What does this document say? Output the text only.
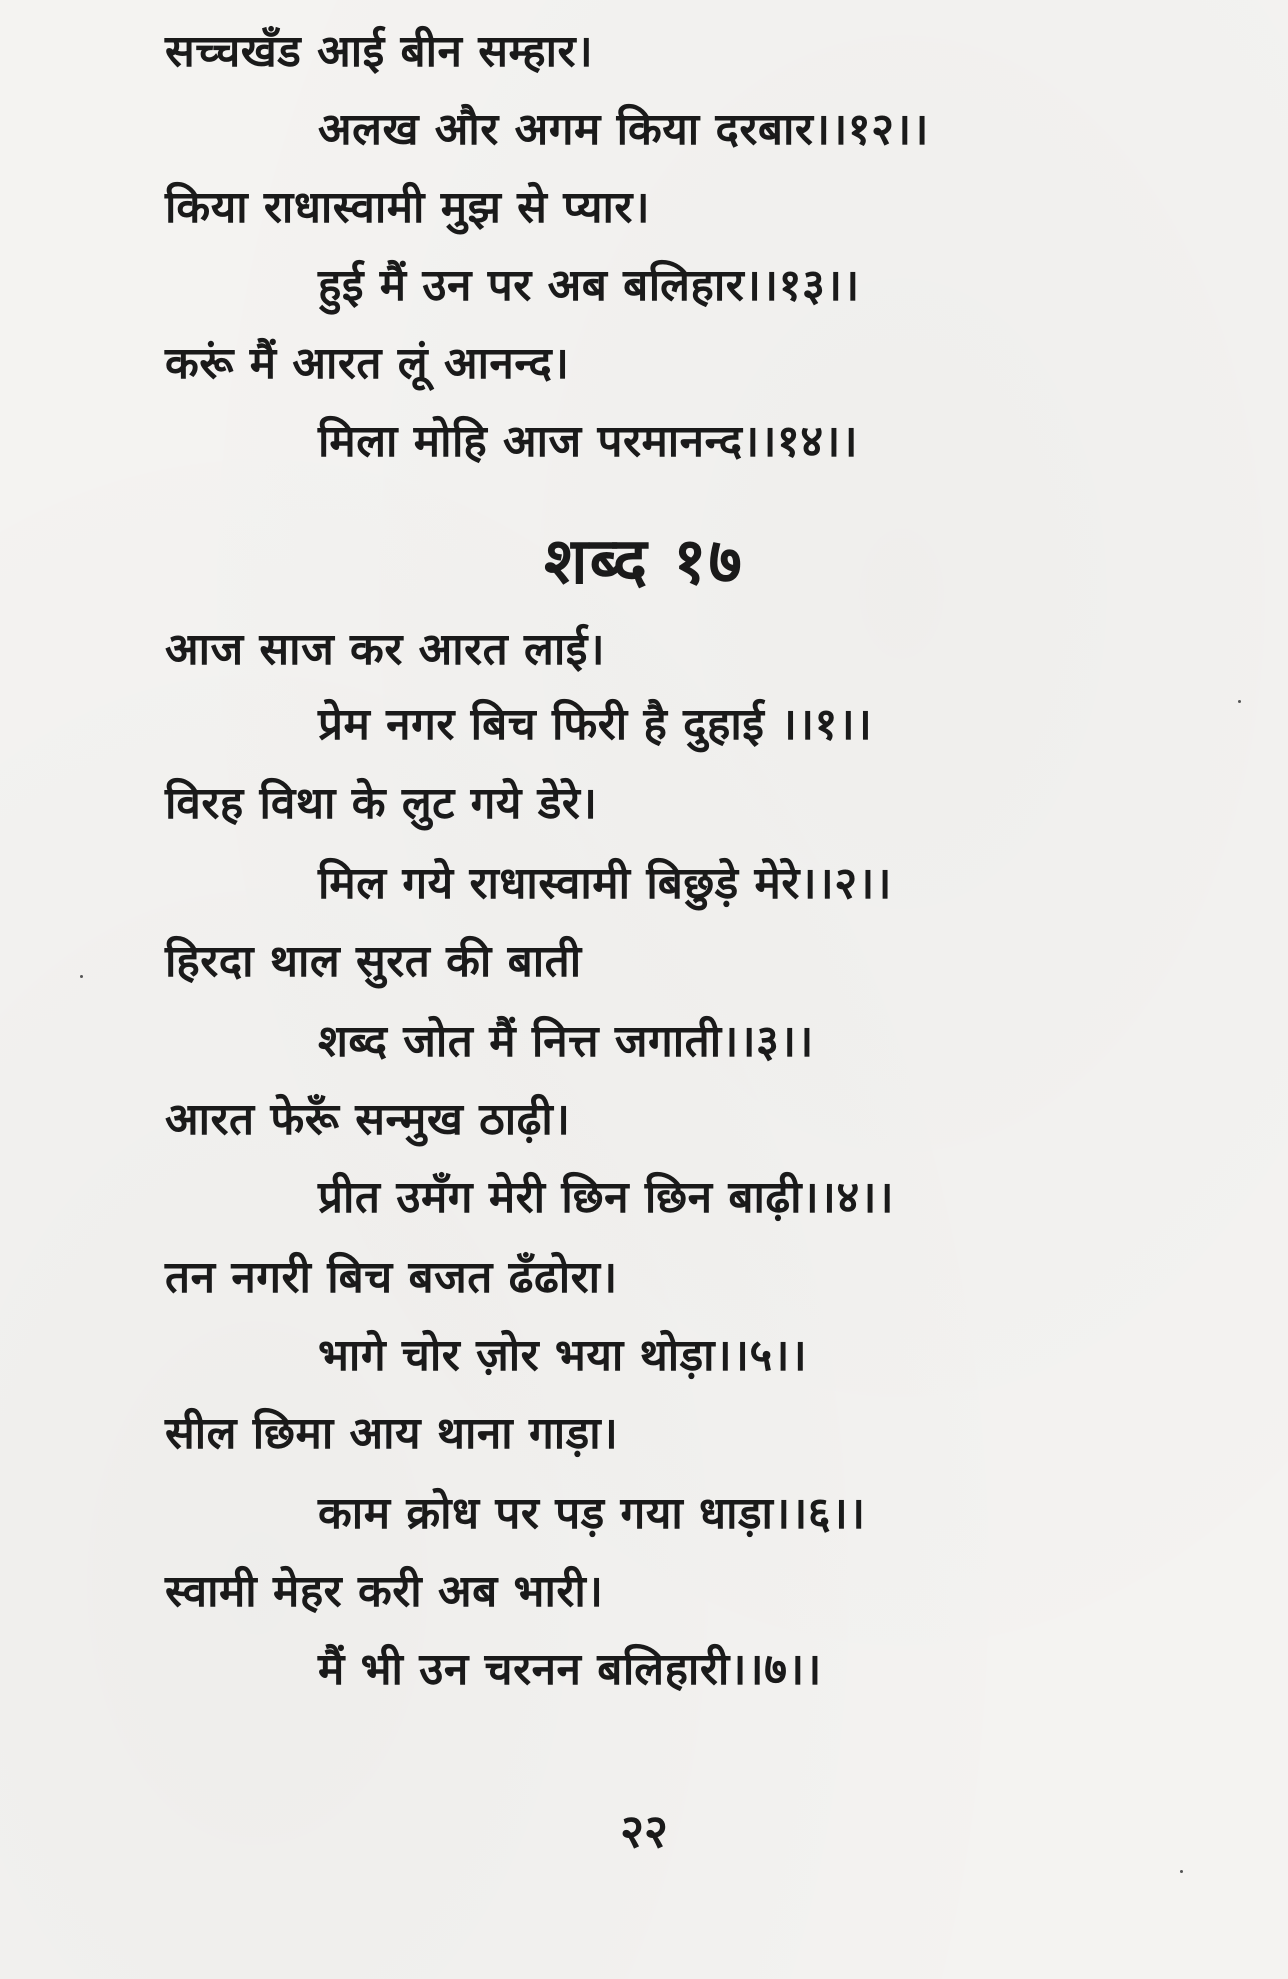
सच्चखँड आई बीन सम्हार।
अलख और अगम किया दरबार।।१२।।
किया राधास्वामी मुझ से प्यार।
हुई मैं उन पर अब बलिहार।।१३।।
करूं मैं आरत लूं आनन्द।
मिला मोहि आज परमानन्द।।१४।।
शब्द १७
आज साज कर आरत लाई।
प्रेम नगर बिच फिरी है दुहाई ।।१।।
विरह विथा के लुट गये डेरे।
मिल गये राधास्वामी बिछुड़े मेरे।।२।।
हिरदा थाल सुरत की बाती
शब्द जोत मैं नित्त जगाती।।३।।
आरत फेरूँ सन्मुख ठाढ़ी।
प्रीत उमँग मेरी छिन छिन बाढ़ी।।४।।
तन नगरी बिच बजत ढँढोरा।
भागे चोर ज़ोर भया थोड़ा।।५।।
सील छिमा आय थाना गाड़ा।
काम क्रोध पर पड़ गया धाड़ा।।६।।
स्वामी मेहर करी अब भारी।
मैं भी उन चरनन बलिहारी।।७।।
२२
